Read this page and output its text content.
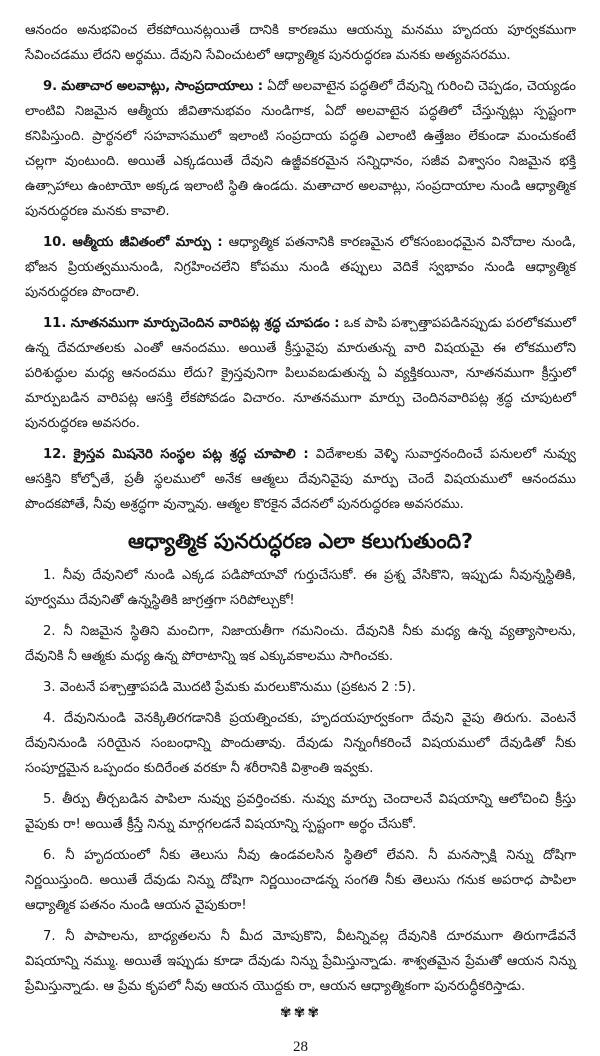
ఆనందం అనుభవించ లేకపోయినట్లయితే దానికి కారణము ఆయన్ను మనము హృదయ పూర్వకముగా సేవించడము లేదని అర్థము. దేవుని సేవించుటలో ఆధ్యాత్మిక పునరుద్ధరణ మనకు అత్యవసరము.

9. మతాచార అలవాట్లు, సాంప్రదాయాలు : ఏదో అలవాటైన పద్ధతిలో దేవున్ని గురించి చెప్పడం, చెయ్యడం లాంటివి నిజమైన ఆత్మీయ జీవితానుభవం నుండిగాక, ఏదో అలవాటైన పద్ధతిలో చేస్తున్నట్లు స్పష్టంగా కనిపిస్తుంది. ప్రార్థనలో సహవాసములో ఇలాంటి సంప్రదాయ పద్ధతి ఎలాంటి ఉత్తేజం లేకుండా మంచుకంటే చల్లగా వుంటుంది. అయితే ఎక్కడయితే దేవుని ఉజ్జీవకరమైన సన్నిధానం, సజీవ విశ్వాసం నిజమైన భక్తి ఉత్సాహాలు ఉంటాయో అక్కడ ఇలాంటి స్థితి ఉండదు. మతాచార అలవాట్లు, సంప్రదాయాల నుండి ఆధ్యాత్మిక పునరుద్ధరణ మనకు కావాలి.

10. ఆత్మీయ జీవితంలో మార్పు : ఆధ్యాత్మిక పతనానికి కారణమైన లోకసంబంధమైన వినోదాల నుండి, భోజన ప్రియత్వమునుండి, నిగ్రహించలేని కోపము నుండి తప్పులు వెదికే స్వభావం నుండి ఆధ్యాత్మిక పునరుద్ధరణ పొందాలి.

11. నూతనముగా మార్పుచెందిన వారిపట్ల శ్రద్ధ చూపడం : ఒక పాపి పశ్చాత్తాపపడినప్పుడు పరలోకములో ఉన్న దేవదూతలకు ఎంతో ఆనందము. అయితే క్రీస్తువైపు మారుతున్న వారి విషయమై ఈ లోకములోని పరిశుద్ధుల మధ్య ఆనందము లేదు? క్రైస్తవునిగా పిలువబడుతున్న ఏ వ్యక్తికయినా, నూతనముగా క్రీస్తులో మార్పుబడిన వారిపట్ల ఆసక్తి లేకపోవడం విచారం. నూతనముగా మార్పు చెందినవారిపట్ల శ్రద్ధ చూపుటలో పునరుద్ధరణ అవసరం.

12. క్రైస్తవ మిషనెరి సంస్థల పట్ల శ్రద్ధ చూపాలి : విదేశాలకు వెళ్ళి సువార్తనందించే పనులలో నువ్వు ఆసక్తిని కోల్పోతే, ప్రతీ స్థలములో అనేక ఆత్మలు దేవునివైపు మార్పు చెందే విషయములో ఆనందము పొందకపోతే, నీవు అశ్రద్ధగా వున్నావు. ఆత్మల కొరకైన వేదనలో పునరుద్ధరణ అవసరము.

ఆధ్యాత్మిక పునరుద్ధరణ ఎలా కలుగుతుంది?

1. నీవు దేవునిలో నుండి ఎక్కడ పడిపోయావో గుర్తుచేసుకో. ఈ ప్రశ్న వేసికొని, ఇప్పుడు నీవున్నస్థితికి, పూర్వము దేవునితో ఉన్నస్థితికి జాగ్రత్తగా సరిపోల్చుకో!

2. నీ నిజమైన స్థితిని మంచిగా, నిజాయతీగా గమనించు. దేవునికి నీకు మధ్య ఉన్న వ్యత్యాసాలను, దేవునికి నీ ఆత్మకు మధ్య ఉన్న పోరాటాన్ని ఇక ఎక్కువకాలము సాగించకు.

3. వెంటనే పశ్చాత్తాపపడి మొదటి ప్రేమకు మరలుకొనుము (ప్రకటన 2 :5).

4. దేవునినుండి వెనక్కితిరగడానికి ప్రయత్నించకు, హృదయపూర్వకంగా దేవుని వైపు తిరుగు. వెంటనే దేవునినుండి సరియైన సంబంధాన్ని పొందుతావు. దేవుడు నిన్నంగీకరించే విషయములో దేవుడితో నీకు సంపూర్ణమైన ఒప్పందం కుదిరేంత వరకూ నీ శరీరానికి విశ్రాంతి ఇవ్వకు.

5. తీర్పు తీర్చబడిన పాపిలా నువ్వు ప్రవర్తించకు. నువ్వు మార్పు చెందాలనే విషయాన్ని ఆలోచించి క్రీస్తు వైపుకు రా! అయితే క్రీస్తే నిన్ను మార్గగలడనే విషయాన్ని స్పష్టంగా అర్థం చేసుకో.

6. నీ హృదయంలో నీకు తెలుసు నీవు ఉండవలసిన స్థితిలో లేవని. నీ మనస్సాక్షి నిన్ను దోషిగా నిర్ణయిస్తుంది. అయితే దేవుడు నిన్ను దోషిగా నిర్ణయించాడన్న సంగతి నీకు తెలుసు గనుక అపరాధ పాపిలా ఆధ్యాత్మిక పతనం నుండి ఆయన వైపుకురా!

7. నీ పాపాలను, బాధ్యతలను నీ మీద మోపుకొని, వీటన్నివల్ల దేవునికి దూరముగా తిరుగాడేవనే విషయాన్ని నమ్ము. అయితే ఇప్పుడు కూడా దేవుడు నిన్ను ప్రేమిస్తున్నాడు. శాశ్వతమైన ప్రేమతో ఆయన నిన్ను ప్రేమిస్తున్నాడు. ఆ ప్రేమ కృపలో నీవు ఆయన యొద్దకు రా, ఆయన ఆధ్యాత్మికంగా పునరుద్ధీకరిస్తాడు.

✾✾✾
28
